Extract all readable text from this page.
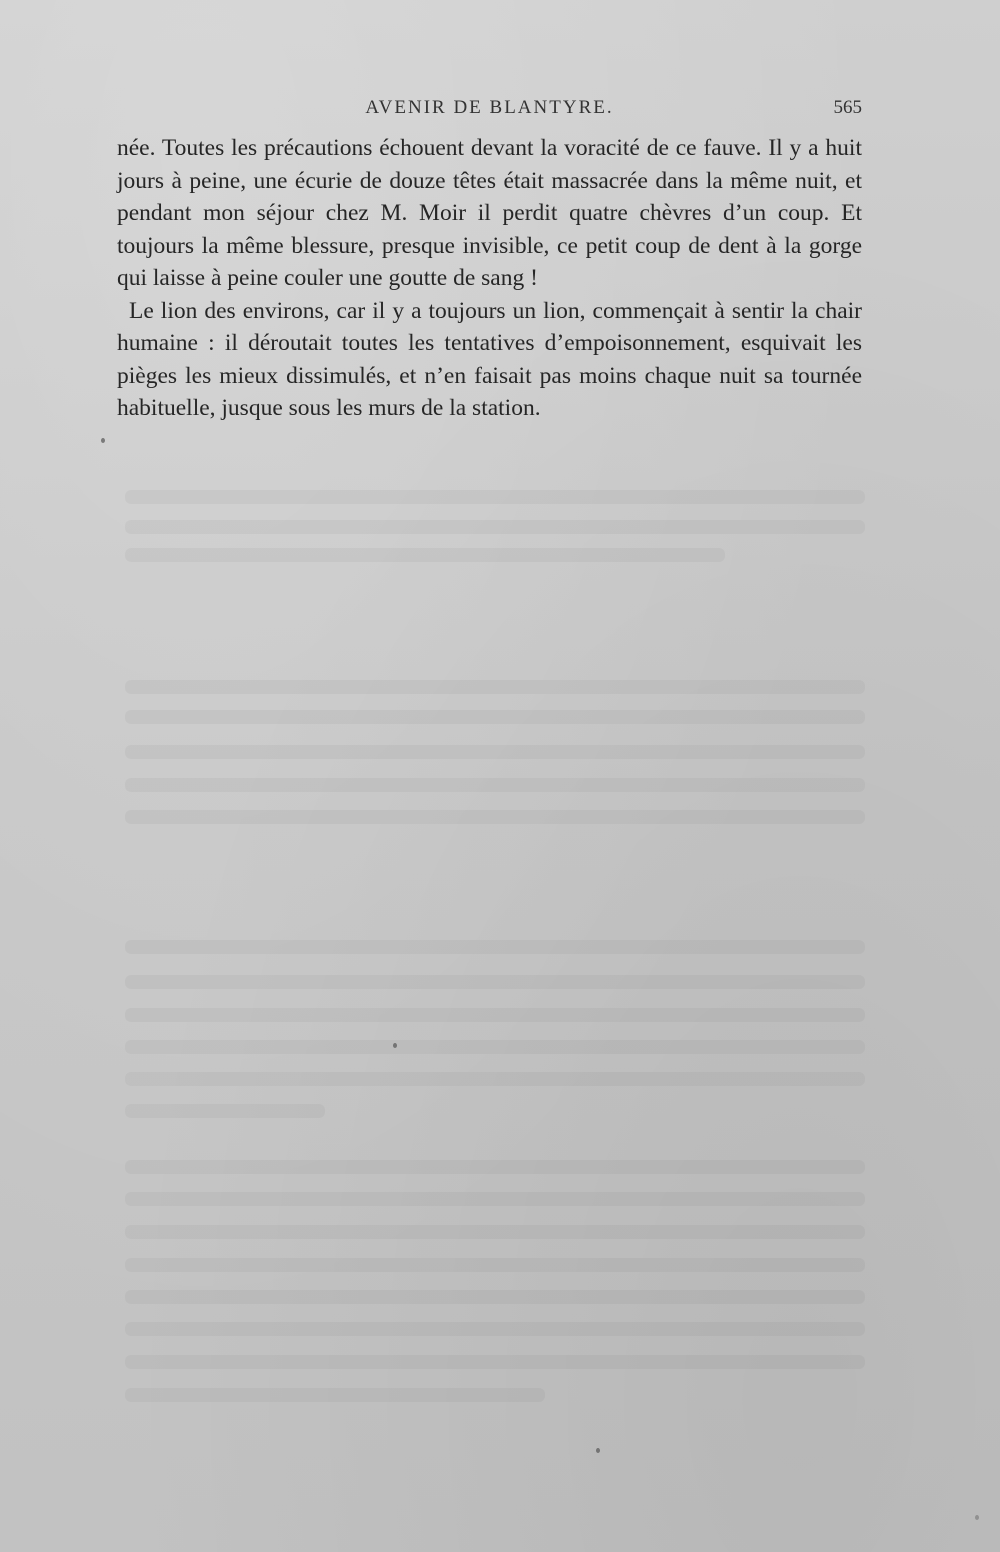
AVENIR DE BLANTYRE.	565

née. Toutes les précautions échouent devant la voracité de ce fauve. Il y a huit jours à peine, une écurie de douze têtes était massacrée dans la même nuit, et pendant mon séjour chez M. Moir il perdit quatre chèvres d’un coup. Et toujours la même blessure, presque invisible, ce petit coup de dent à la gorge qui laisse à peine couler une goutte de sang !

Le lion des environs, car il y a toujours un lion, commençait à sentir la chair humaine : il déroutait toutes les tentatives d’empoisonnement, esquivait les pièges les mieux dissimulés, et n’en faisait pas moins chaque nuit sa tournée habituelle, jusque sous les murs de la station.
